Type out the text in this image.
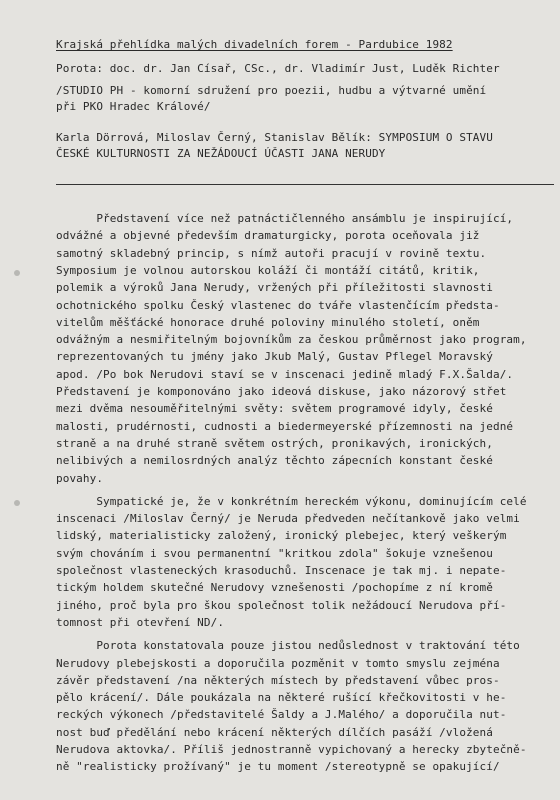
Krajská přehlídka malých divadelních forem - Pardubice 1982
Porota: doc. dr. Jan Císař, CSc., dr. Vladimír Just, Luděk Richter
/STUDIO PH - komorní sdružení pro poezii, hudbu a výtvarné umění
při PKO Hradec Králové/
Karla Dörrová, Miloslav Černý, Stanislav Bělík: SYMPOSIUM O STAVU
ČESKÉ KULTURNOSTI ZA NEŽÁDOUCÍ ÚČASTI JANA NERUDY
Představení více než patnáctičlenného ansámblu je inspirující,
odvážné a objevné především dramaturgicky, porota oceňovala již
samotný skladebný princip, s nímž autoři pracují v rovině textu.
Symposium je volnou autorskou koláží či montáží citátů, kritik,
polemik a výroků Jana Nerudy, vržených při příležitosti slavnosti
ochotnického spolku Český vlastenec do tváře vlastenčícím předsta-
vitelům měšťácké honorace druhé poloviny minulého století, oněm
odvážným a nesmiřitelným bojovníkům za českou průměrnost jako program,
reprezentovaných tu jmény jako Jkub Malý, Gustav Pflegel Moravský
apod. /Po bok Nerudovi staví se v inscenaci jedině mladý F.X.Šalda/.
Představení je komponováno jako ideová diskuse, jako názorový střet
mezi dvěma nesouměřitelnými světy: světem programové idyly, české
malosti, prudérnosti, cudnosti a biedermeyerské přízemnosti na jedné
straně a na druhé straně světem ostrých, pronikavých, ironických,
nelibivých a nemilosrdných analýz těchto zápecních konstant české
povahy.
Sympatické je, že v konkrétním hereckém výkonu, dominujícím celé
inscenaci /Miloslav Černý/ je Neruda předveden nečítankově jako velmi
lidský, materialisticky založený, ironický plebejec, který veškerým
svým chováním i svou permanentní "kritkou zdola" šokuje vznešenou
společnost vlasteneckých krasoduchů. Inscenace je tak mj. i nepate-
tickým holdem skutečné Nerudovy vznešenosti /pochopíme z ní kromě
jiného, proč byla pro škou společnost tolik nežádoucí Nerudova pří-
tomnost při otevření ND/.
Porota konstatovala pouze jistou nedůslednost v traktování této
Nerudovy plebejskosti a doporučila pozměnit v tomto smyslu zejména
závěr představení /na některých místech by představení vůbec pros-
pělo krácení/. Dále poukázala na některé rušící křečkovitosti v he-
reckých výkonech /představitelé Šaldy a J.Malého/ a doporučila nut-
nost buď předělání nebo krácení některých dílčích pasáží /vložená
Nerudova aktovka/. Příliš jednostranně vypichovaný a herecky zbytečně-
ně "realisticky prožívaný" je tu moment /stereotypně se opakující/
